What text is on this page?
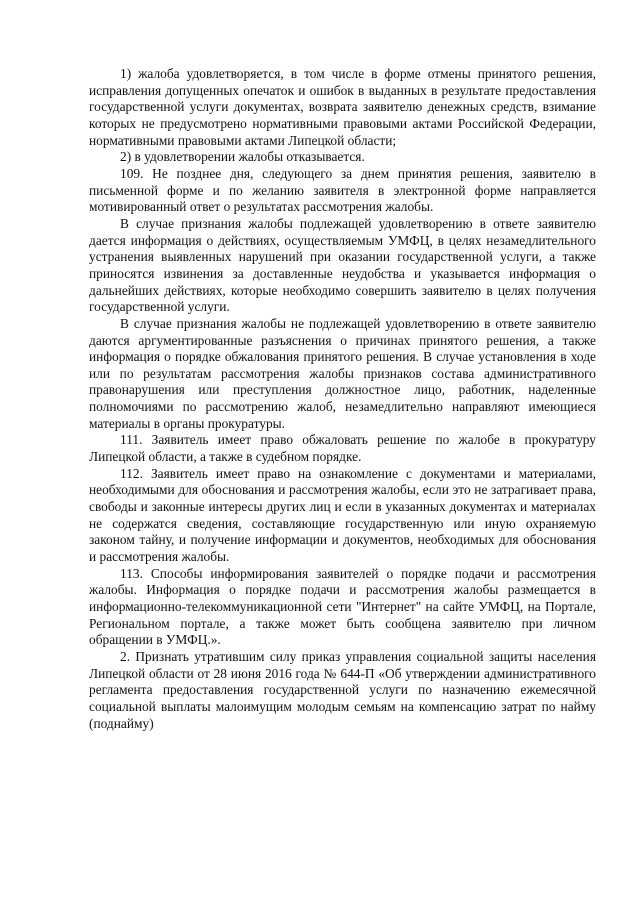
1) жалоба удовлетворяется, в том числе в форме отмены принятого решения, исправления допущенных опечаток и ошибок в выданных в результате предоставления государственной услуги документах, возврата заявителю денежных средств, взимание которых не предусмотрено нормативными правовыми актами Российской Федерации, нормативными правовыми актами Липецкой области;

2) в удовлетворении жалобы отказывается.

109. Не позднее дня, следующего за днем принятия решения, заявителю в письменной форме и по желанию заявителя в электронной форме направляется мотивированный ответ о результатах рассмотрения жалобы.

В случае признания жалобы подлежащей удовлетворению в ответе заявителю дается информация о действиях, осуществляемым УМФЦ, в целях незамедлительного устранения выявленных нарушений при оказании государственной услуги, а также приносятся извинения за доставленные неудобства и указывается информация о дальнейших действиях, которые необходимо совершить заявителю в целях получения государственной услуги.

В случае признания жалобы не подлежащей удовлетворению в ответе заявителю даются аргументированные разъяснения о причинах принятого решения, а также информация о порядке обжалования принятого решения. В случае установления в ходе или по результатам рассмотрения жалобы признаков состава административного правонарушения или преступления должностное лицо, работник, наделенные полномочиями по рассмотрению жалоб, незамедлительно направляют имеющиеся материалы в органы прокуратуры.

111. Заявитель имеет право обжаловать решение по жалобе в прокуратуру Липецкой области, а также в судебном порядке.

112. Заявитель имеет право на ознакомление с документами и материалами, необходимыми для обоснования и рассмотрения жалобы, если это не затрагивает права, свободы и законные интересы других лиц и если в указанных документах и материалах не содержатся сведения, составляющие государственную или иную охраняемую законом тайну, и получение информации и документов, необходимых для обоснования и рассмотрения жалобы.

113. Способы информирования заявителей о порядке подачи и рассмотрения жалобы. Информация о порядке подачи и рассмотрения жалобы размещается в информационно-телекоммуникационной сети "Интернет" на сайте УМФЦ, на Портале, Региональном портале, а также может быть сообщена заявителю при личном обращении в УМФЦ.».

2. Признать утратившим силу приказ управления социальной защиты населения Липецкой области от 28 июня 2016 года № 644-П «Об утверждении административного регламента предоставления государственной услуги по назначению ежемесячной социальной выплаты малоимущим молодым семьям на компенсацию затрат по найму (поднайму)
